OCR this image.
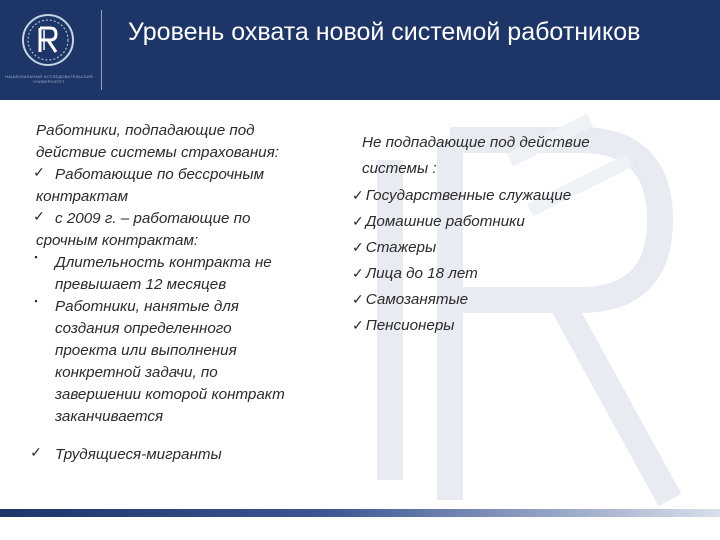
НАЦИОНАЛЬНЫЙ ИССЛЕДОВАТЕЛЬСКИЙ УНИВЕРСИТЕТ
Уровень охвата новой системой работников
Работники, подпадающие под
действие системы страхования:
✓ Работающие по бессрочным
контрактам
✓ с 2009 г. – работающие по
срочным контрактам:
▪	Длительность контракта не
превышает 12 месяцев
▪	Работники, нанятые для
создания определенного
проекта или выполнения
конкретной задачи, по
завершении которой контракт
заканчивается
✓ Трудящиеся-мигранты
Не подпадающие под действие
системы :
✓ Государственные служащие
✓ Домашние работники
✓ Стажеры
✓ Лица до 18 лет
✓ Самозанятые
✓ Пенсионеры
